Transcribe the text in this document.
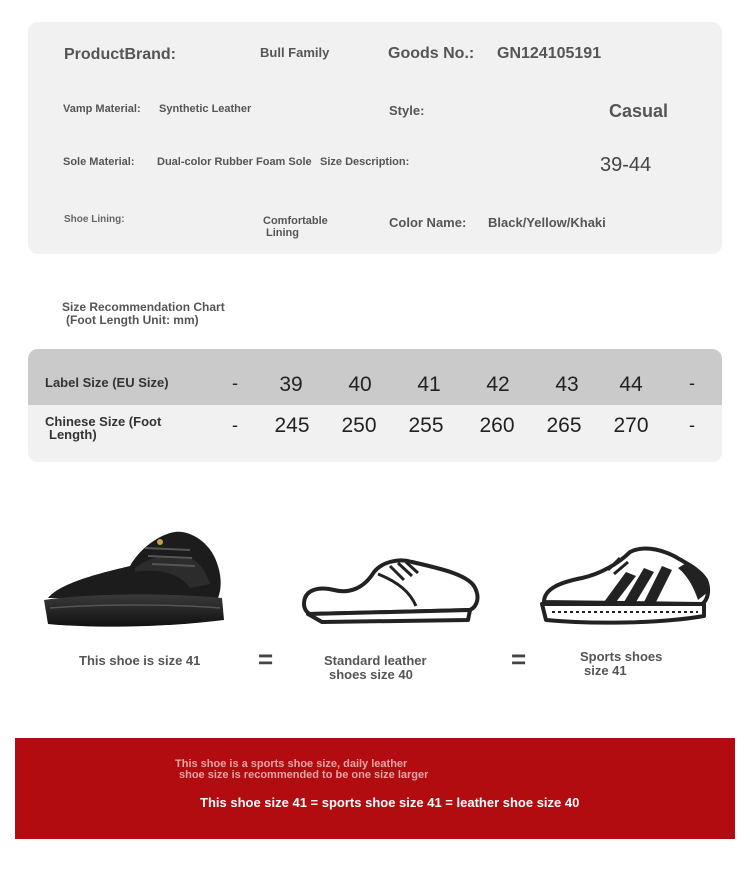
ProductBrand:	Bull Family	Goods No.: GN124105191
Vamp Material: Synthetic Leather	Style:	Casual
Sole Material: Dual-color Rubber Foam Sole Size Description:	39-44
Shoe Lining:	Comfortable
Lining
Color Name: Black/Yellow/Khaki
Size Recommendation Chart
(Foot Length Unit: mm)
Label Size (EU Size)	-	39	40	41	42	43	44	-
Chinese Size (Foot
Length)	-	245	250	255	260	265	270	-
This shoe is size 41 =	Standard leather
shoes size 40
=	Sports shoes
size 41
This shoe is a sports shoe size, daily leather
shoe size is recommended to be one size larger
This shoe size 41 = sports shoe size 41 = leather shoe size 40
